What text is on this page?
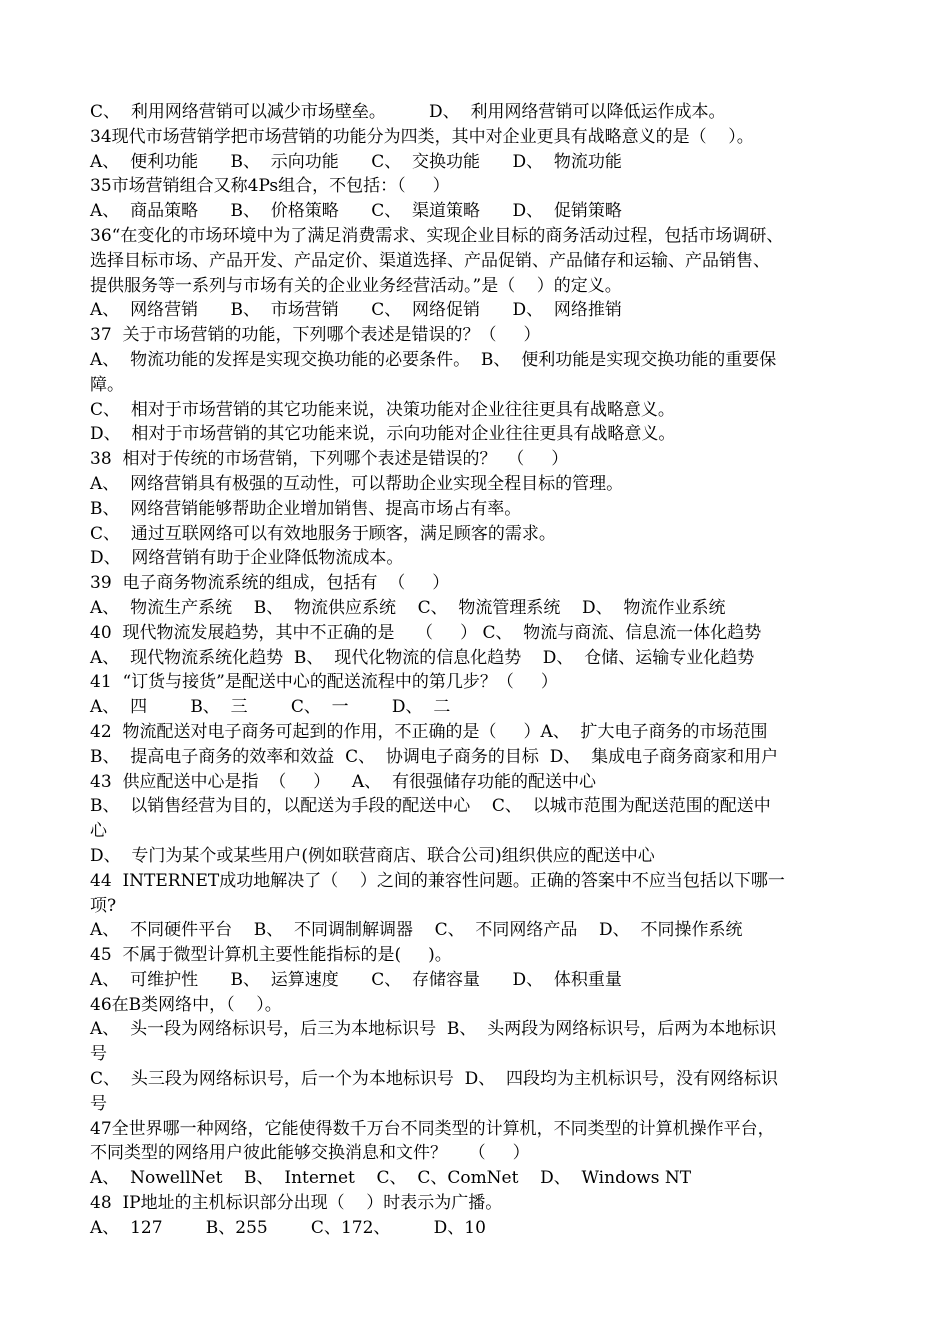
C、  利用网络营销可以减少市场壁垒。        D、  利用网络营销可以降低运作成本。
34现代市场营销学把市场营销的功能分为四类，其中对企业更具有战略意义的是（    ）。
A、  便利功能      B、  示向功能      C、  交换功能      D、  物流功能
35市场营销组合又称4Ps组合，不包括：（     ）
A、  商品策略      B、  价格策略      C、  渠道策略      D、  促销策略
36“在变化的市场环境中为了满足消费需求、实现企业目标的商务活动过程，包括市场调研、
选择目标市场、产品开发、产品定价、渠道选择、产品促销、产品储存和运输、产品销售、
提供服务等一系列与市场有关的企业业务经营活动。”是（    ）的定义。
A、  网络营销      B、  市场营销      C、  网络促销      D、  网络推销
37  关于市场营销的功能，下列哪个表述是错误的？（     ）
A、  物流功能的发挥是实现交换功能的必要条件。  B、  便利功能是实现交换功能的重要保
障。
C、  相对于市场营销的其它功能来说，决策功能对企业往往更具有战略意义。
D、  相对于市场营销的其它功能来说，示向功能对企业往往更具有战略意义。
38  相对于传统的市场营销，下列哪个表述是错误的？  （     ）
A、  网络营销具有极强的互动性，可以帮助企业实现全程目标的管理。
B、  网络营销能够帮助企业增加销售、提高市场占有率。
C、  通过互联网络可以有效地服务于顾客，满足顾客的需求。
D、  网络营销有助于企业降低物流成本。
39  电子商务物流系统的组成，包括有  （     ）
A、  物流生产系统    B、  物流供应系统    C、  物流管理系统    D、  物流作业系统
40  现代物流发展趋势，其中不正确的是    （     ） C、  物流与商流、信息流一体化趋势
A、  现代物流系统化趋势  B、  现代化物流的信息化趋势    D、  仓储、运输专业化趋势
41  “订货与接货”是配送中心的配送流程中的第几步？（     ）
A、  四        B、  三        C、  一        D、  二
42  物流配送对电子商务可起到的作用，不正确的是（     ）A、  扩大电子商务的市场范围
B、  提高电子商务的效率和效益  C、  协调电子商务的目标  D、  集成电子商务商家和用户
43  供应配送中心是指  （     ）    A、  有很强储存功能的配送中心
B、  以销售经营为目的，以配送为手段的配送中心    C、  以城市范围为配送范围的配送中
心
D、  专门为某个或某些用户(例如联营商店、联合公司)组织供应的配送中心
44  INTERNET成功地解决了（    ）之间的兼容性问题。正确的答案中不应当包括以下哪一
项?
A、  不同硬件平台    B、  不同调制解调器    C、  不同网络产品    D、  不同操作系统
45  不属于微型计算机主要性能指标的是(     )。
A、  可维护性      B、  运算速度      C、  存储容量      D、  体积重量
46在B类网络中，（    ）。
A、  头一段为网络标识号，后三为本地标识号  B、  头两段为网络标识号，后两为本地标识
号
C、  头三段为网络标识号，后一个为本地标识号  D、  四段均为主机标识号，没有网络标识
号
47全世界哪一种网络，它能使得数千万台不同类型的计算机，不同类型的计算机操作平台，
不同类型的网络用户彼此能够交换消息和文件？    （     ）
A、  NowellNet    B、  Internet    C、  C、ComNet    D、  Windows NT
48  IP地址的主机标识部分出现（    ）时表示为广播。
A、  127        B、255        C、172、        D、10
